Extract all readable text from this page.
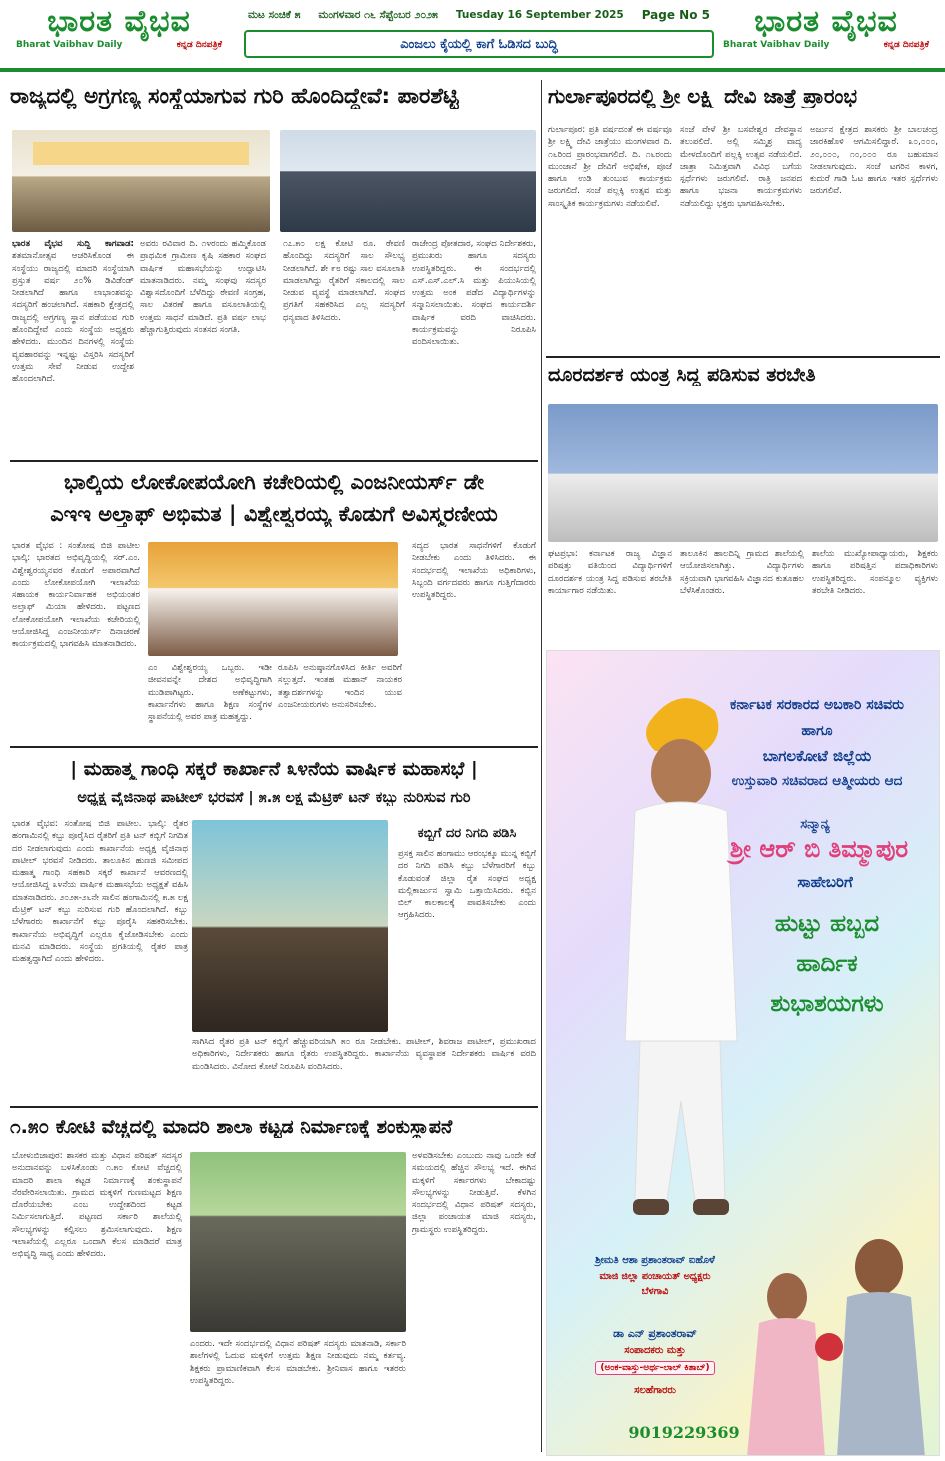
ಭಾರತ ವೈಭವ
Bharat Vaibhav Daily	ಕನ್ನಡ ದಿನಪತ್ರಿಕೆ
ಮಟ ಸಂಚಿಕೆ ೫ ಮಂಗಳವಾರ ೧೬ ಸೆಪ್ಟೆಂಬರ ೨೦೨೫ Tuesday 16 September 2025 Page No 5
ಎಂಜಲು ಕೈಯಲ್ಲಿ ಕಾಗೆ ಓಡಿಸದ ಬುದ್ಧಿ
ಭಾರತ ವೈಭವ
Bharat Vaibhav Daily	ಕನ್ನಡ ದಿನಪತ್ರಿಕೆ
ರಾಜ್ಯದಲ್ಲಿ ಅಗ್ರಗಣ್ಯ ಸಂಸ್ಥೆಯಾಗುವ ಗುರಿ ಹೊಂದಿದ್ದೇವೆ: ಪಾರಶೆಟ್ಟಿ
ಭಾರತ ವೈಭವ ಸುದ್ದಿ ಕಾಗವಾಡ: ಶತಮಾನೋತ್ಸವ ಆಚರಿಸಿಕೊಂಡ ಈ ಸಂಸ್ಥೆಯು ರಾಜ್ಯದಲ್ಲಿ ಮಾದರಿ ಸಂಸ್ಥೆಯಾಗಿ ಪ್ರಸ್ತುತ ವರ್ಷ ೨೦% ಡಿವಿಡೆಂಡ್ ನೀಡಲಾಗಿದೆ ಹಾಗೂ ಲಾಭಾಂಶವನ್ನು ಸದಸ್ಯರಿಗೆ ಹಂಚಲಾಗಿದೆ. ಸಹಕಾರಿ ಕ್ಷೇತ್ರದಲ್ಲಿ ರಾಜ್ಯದಲ್ಲಿ ಅಗ್ರಗಣ್ಯ ಸ್ಥಾನ ಪಡೆಯುವ ಗುರಿ ಹೊಂದಿದ್ದೇವೆ ಎಂದು ಸಂಸ್ಥೆಯ ಅಧ್ಯಕ್ಷರು ಹೇಳಿದರು. ಮುಂದಿನ ದಿನಗಳಲ್ಲಿ ಸಂಸ್ಥೆಯ ವ್ಯವಹಾರವನ್ನು ಇನ್ನಷ್ಟು ವಿಸ್ತರಿಸಿ ಸದಸ್ಯರಿಗೆ ಉತ್ತಮ ಸೇವೆ ನೀಡುವ ಉದ್ದೇಶ ಹೊಂದಲಾಗಿದೆ.
ಅವರು ರವಿವಾರ ದಿ. ೧೪ರಂದು ಹಮ್ಮಿಕೊಂಡ ಪ್ರಾಥಮಿಕ ಗ್ರಾಮೀಣ ಕೃಷಿ ಸಹಕಾರ ಸಂಘದ ವಾರ್ಷಿಕ ಮಹಾಸಭೆಯನ್ನು ಉದ್ಘಾಟಿಸಿ ಮಾತನಾಡಿದರು. ನಮ್ಮ ಸಂಘವು ಸದಸ್ಯರ ವಿಶ್ವಾಸದೊಂದಿಗೆ ಬೆಳೆದಿದ್ದು ಠೇವಣಿ ಸಂಗ್ರಹ, ಸಾಲ ವಿತರಣೆ ಹಾಗೂ ವಸೂಲಾತಿಯಲ್ಲಿ ಉತ್ತಮ ಸಾಧನೆ ಮಾಡಿದೆ. ಪ್ರತಿ ವರ್ಷ ಲಾಭ ಹೆಚ್ಚಾಗುತ್ತಿರುವುದು ಸಂತಸದ ಸಂಗತಿ.
೧೭.೫೦ ಲಕ್ಷ ಕೋಟಿ ರೂ. ಠೇವಣಿ ಹೊಂದಿದ್ದು ಸದಸ್ಯರಿಗೆ ಸಾಲ ಸೌಲಭ್ಯ ನೀಡಲಾಗಿದೆ. ಶೇ ೯೮ ರಷ್ಟು ಸಾಲ ವಸೂಲಾತಿ ಮಾಡಲಾಗಿದ್ದು ರೈತರಿಗೆ ಸಕಾಲದಲ್ಲಿ ಸಾಲ ನೀಡುವ ವ್ಯವಸ್ಥೆ ಮಾಡಲಾಗಿದೆ. ಸಂಘದ ಪ್ರಗತಿಗೆ ಸಹಕರಿಸಿದ ಎಲ್ಲ ಸದಸ್ಯರಿಗೆ ಧನ್ಯವಾದ ತಿಳಿಸಿದರು.
ರಾಜೇಂದ್ರ ಪೋತದಾರ, ಸಂಘದ ನಿರ್ದೇಶಕರು, ಪ್ರಮುಖರು ಹಾಗೂ ಸದಸ್ಯರು ಉಪಸ್ಥಿತರಿದ್ದರು. ಈ ಸಂದರ್ಭದಲ್ಲಿ ಎಸ್.ಎಸ್.ಎಲ್.ಸಿ ಮತ್ತು ಪಿಯುಸಿಯಲ್ಲಿ ಉತ್ತಮ ಅಂಕ ಪಡೆದ ವಿದ್ಯಾರ್ಥಿಗಳನ್ನು ಸನ್ಮಾನಿಸಲಾಯಿತು. ಸಂಘದ ಕಾರ್ಯದರ್ಶಿ ವಾರ್ಷಿಕ ವರದಿ ವಾಚಿಸಿದರು. ಕಾರ್ಯಕ್ರಮವನ್ನು ನಿರೂಪಿಸಿ ವಂದಿಸಲಾಯಿತು.
ಭಾಲ್ಕಿಯ ಲೋಕೋಪಯೋಗಿ ಕಚೇರಿಯಲ್ಲಿ ಎಂಜನೀಯರ್ಸ್ ಡೇ
ಎಇಇ ಅಲ್ತಾಫ್ ಅಭಿಮತ | ವಿಶ್ವೇಶ್ವರಯ್ಯ ಕೊಡುಗೆ ಅವಿಸ್ಮರಣೀಯ
ಭಾರತ ವೈಭವ : ಸಂತೋಷ ಬಿಜಿ ಪಾಟೀಲ ಭಾಲ್ಕಿ: ಭಾರತದ ಅಭಿವೃದ್ಧಿಯಲ್ಲಿ ಸರ್.ಎಂ. ವಿಶ್ವೇಶ್ವರಯ್ಯನವರ ಕೊಡುಗೆ ಅಪಾರವಾಗಿದೆ ಎಂದು ಲೋಕೋಪಯೋಗಿ ಇಲಾಖೆಯ ಸಹಾಯಕ ಕಾರ್ಯನಿರ್ವಾಹಕ ಅಭಿಯಂತರ ಅಲ್ತಾಫ್ ಮಿಯಾ ಹೇಳಿದರು. ಪಟ್ಟಣದ ಲೋಕೋಪಯೋಗಿ ಇಲಾಖೆಯ ಕಚೇರಿಯಲ್ಲಿ ಆಯೋಜಿಸಿದ್ದ ಎಂಜನೀಯರ್ಸ್ ದಿನಾಚರಣೆ ಕಾರ್ಯಕ್ರಮದಲ್ಲಿ ಭಾಗವಹಿಸಿ ಮಾತನಾಡಿದರು.
ಸದ್ಯದ ಭಾರತ ಸಾಧನೆಗಳಿಗೆ ಕೊಡುಗೆ ನೀಡಬೇಕು ಎಂದು ತಿಳಿಸಿದರು. ಈ ಸಂದರ್ಭದಲ್ಲಿ ಇಲಾಖೆಯ ಅಧಿಕಾರಿಗಳು, ಸಿಬ್ಬಂದಿ ವರ್ಗದವರು ಹಾಗೂ ಗುತ್ತಿಗೆದಾರರು ಉಪಸ್ಥಿತರಿದ್ದರು.
ಎಂ ವಿಶ್ವೇಶ್ವರಯ್ಯ ಒಬ್ಬರು. ಇಡೀ ಜೀವನವನ್ನೇ ದೇಶದ ಅಭಿವೃದ್ಧಿಗಾಗಿ ಮುಡಿಪಾಗಿಟ್ಟರು. ಅಣೆಕಟ್ಟುಗಳು, ಕಾರ್ಖಾನೆಗಳು ಹಾಗೂ ಶಿಕ್ಷಣ ಸಂಸ್ಥೆಗಳ ಸ್ಥಾಪನೆಯಲ್ಲಿ ಅವರ ಪಾತ್ರ ಮಹತ್ವದ್ದು.
ರೂಪಿಸಿ ಅನುಷ್ಠಾನಗೊಳಿಸಿದ ಕೀರ್ತಿ ಅವರಿಗೆ ಸಲ್ಲುತ್ತದೆ. ಇಂತಹ ಮಹಾನ್ ನಾಯಕರ ತತ್ವಾದರ್ಶಗಳನ್ನು ಇಂದಿನ ಯುವ ಎಂಜನೀಯರುಗಳು ಅನುಸರಿಸಬೇಕು.
| ಮಹಾತ್ಮ ಗಾಂಧಿ ಸಕ್ಕರೆ ಕಾರ್ಖಾನೆ ೩೪ನೆಯ ವಾರ್ಷಿಕ ಮಹಾಸಭೆ |
ಅಧ್ಯಕ್ಷ ವೈಜಿನಾಥ ಪಾಟೀಲ್ ಭರವಸೆ | ೫.೫ ಲಕ್ಷ ಮೆಟ್ರಿಕ್ ಟನ್ ಕಬ್ಬು ನುರಿಸುವ ಗುರಿ
ಭಾರತ ವೈಭವ: ಸಂತೋಷ ಬಿಜಿ ಪಾಟೀಲ. ಭಾಲ್ಕಿ: ರೈತರ ಹಂಗಾಮಿನಲ್ಲಿ ಕಬ್ಬು ಪೂರೈಸಿದ ರೈತರಿಗೆ ಪ್ರತಿ ಟನ್ ಕಬ್ಬಿಗೆ ನಿಗದಿತ ದರ ನೀಡಲಾಗುವುದು ಎಂದು ಕಾರ್ಖಾನೆಯ ಅಧ್ಯಕ್ಷ ವೈಜಿನಾಥ ಪಾಟೀಲ್ ಭರವಸೆ ನೀಡಿದರು. ತಾಲೂಕಿನ ಹುಣಜಿ ಸಮೀಪದ ಮಹಾತ್ಮ ಗಾಂಧಿ ಸಹಕಾರಿ ಸಕ್ಕರೆ ಕಾರ್ಖಾನೆ ಆವರಣದಲ್ಲಿ ಆಯೋಜಿಸಿದ್ದ ೩೪ನೆಯ ವಾರ್ಷಿಕ ಮಹಾಸಭೆಯ ಅಧ್ಯಕ್ಷತೆ ವಹಿಸಿ ಮಾತನಾಡಿದರು. ೨೦೨೫-೨೬ನೇ ಸಾಲಿನ ಹಂಗಾಮಿನಲ್ಲಿ ೫.೫ ಲಕ್ಷ ಮೆಟ್ರಿಕ್ ಟನ್ ಕಬ್ಬು ನುರಿಸುವ ಗುರಿ ಹೊಂದಲಾಗಿದೆ. ಕಬ್ಬು ಬೆಳೆಗಾರರು ಕಾರ್ಖಾನೆಗೆ ಕಬ್ಬು ಪೂರೈಸಿ ಸಹಕರಿಸಬೇಕು. ಕಾರ್ಖಾನೆಯ ಅಭಿವೃದ್ಧಿಗೆ ಎಲ್ಲರೂ ಕೈಜೋಡಿಸಬೇಕು ಎಂದು ಮನವಿ ಮಾಡಿದರು. ಸಂಸ್ಥೆಯ ಪ್ರಗತಿಯಲ್ಲಿ ರೈತರ ಪಾತ್ರ ಮಹತ್ವದ್ದಾಗಿದೆ ಎಂದು ಹೇಳಿದರು.
ಕಬ್ಬಿಗೆ ದರ ನಿಗದಿ ಪಡಿಸಿ
ಪ್ರಸಕ್ತ ಸಾಲಿನ ಹಂಗಾಮು ಆರಂಭಕ್ಕೂ ಮುನ್ನ ಕಬ್ಬಿಗೆ ದರ ನಿಗದಿ ಪಡಿಸಿ ಕಬ್ಬು ಬೆಳೆಗಾರರಿಗೆ ಕಬ್ಬು ಕೊಡುವಂತೆ ಜಿಲ್ಲಾ ರೈತ ಸಂಘದ ಅಧ್ಯಕ್ಷ ಮಲ್ಲಿಕಾರ್ಜುನ ಸ್ವಾಮಿ ಒತ್ತಾಯಿಸಿದರು. ಕಬ್ಬಿನ ಬಿಲ್ ಕಾಲಕಾಲಕ್ಕೆ ಪಾವತಿಸಬೇಕು ಎಂದು ಆಗ್ರಹಿಸಿದರು.
ಸಾಗಿಸಿದ ರೈತರ ಪ್ರತಿ ಟನ್ ಕಬ್ಬಿಗೆ ಹೆಚ್ಚುವರಿಯಾಗಿ ೫೦ ರೂ ನೀಡಬೇಕು. ಪಾಟೀಲ್, ಶಿವರಾಜ ಪಾಟೀಲ್, ಪ್ರಮುಖರಾದ ಅಧಿಕಾರಿಗಳು, ನಿರ್ದೇಶಕರು ಹಾಗೂ ರೈತರು ಉಪಸ್ಥಿತರಿದ್ದರು. ಕಾರ್ಖಾನೆಯ ವ್ಯವಸ್ಥಾಪಕ ನಿರ್ದೇಶಕರು ವಾರ್ಷಿಕ ವರದಿ ಮಂಡಿಸಿದರು. ವಿನೋದ ಕೋಟೆ ನಿರೂಪಿಸಿ ವಂದಿಸಿದರು.
೧.೫೦ ಕೋಟಿ ವೆಚ್ಚದಲ್ಲಿ ಮಾದರಿ ಶಾಲಾ ಕಟ್ಟಡ ನಿರ್ಮಾಣಕ್ಕೆ ಶಂಕುಸ್ಥಾಪನೆ
ಬೋಳುಬಿಜಾಪುರ: ಶಾಸಕರ ಮತ್ತು ವಿಧಾನ ಪರಿಷತ್ ಸದಸ್ಯರ ಅನುದಾನವನ್ನು ಬಳಸಿಕೊಂಡು ೧.೫೦ ಕೋಟಿ ವೆಚ್ಚದಲ್ಲಿ ಮಾದರಿ ಶಾಲಾ ಕಟ್ಟಡ ನಿರ್ಮಾಣಕ್ಕೆ ಶಂಕುಸ್ಥಾಪನೆ ನೆರವೇರಿಸಲಾಯಿತು. ಗ್ರಾಮದ ಮಕ್ಕಳಿಗೆ ಗುಣಮಟ್ಟದ ಶಿಕ್ಷಣ ದೊರೆಯಬೇಕು ಎಂಬ ಉದ್ದೇಶದಿಂದ ಕಟ್ಟಡ ನಿರ್ಮಿಸಲಾಗುತ್ತಿದೆ. ಪಟ್ಟಣದ ಸರ್ಕಾರಿ ಶಾಲೆಯಲ್ಲಿ ಸೌಲಭ್ಯಗಳನ್ನು ಕಲ್ಪಿಸಲು ಶ್ರಮಿಸಲಾಗುವುದು. ಶಿಕ್ಷಣ ಇಲಾಖೆಯಲ್ಲಿ ಎಲ್ಲರೂ ಒಂದಾಗಿ ಕೆಲಸ ಮಾಡಿದರೆ ಮಾತ್ರ ಅಭಿವೃದ್ಧಿ ಸಾಧ್ಯ ಎಂದು ಹೇಳಿದರು.
ಅಳವಡಿಸಬೇಕು ಎಂಬುದು ನಾವು ಒಂದೇ ಕಡೆ ಸಮಯದಲ್ಲಿ ಹೆಚ್ಚಿನ ಸೌಲಭ್ಯ ಇದೆ. ಈಗಿನ ಮಕ್ಕಳಿಗೆ ಸರ್ಕಾರಗಳು ಬೇಕಾದಷ್ಟು ಸೌಲಭ್ಯಗಳನ್ನು ನೀಡುತ್ತಿವೆ. ಕೆಳಗಿನ ಸಂದರ್ಭದಲ್ಲಿ ವಿಧಾನ ಪರಿಷತ್ ಸದಸ್ಯರು, ಜಿಲ್ಲಾ ಪಂಚಾಯತ ಮಾಜಿ ಸದಸ್ಯರು, ಗ್ರಾಮಸ್ಥರು ಉಪಸ್ಥಿತರಿದ್ದರು.
ಎಂದರು. ಇದೇ ಸಂದರ್ಭದಲ್ಲಿ ವಿಧಾನ ಪರಿಷತ್ ಸದಸ್ಯರು ಮಾತನಾಡಿ, ಸರ್ಕಾರಿ ಶಾಲೆಗಳಲ್ಲಿ ಓದುವ ಮಕ್ಕಳಿಗೆ ಉತ್ತಮ ಶಿಕ್ಷಣ ನೀಡುವುದು ನಮ್ಮ ಕರ್ತವ್ಯ. ಶಿಕ್ಷಕರು ಪ್ರಾಮಾಣಿಕವಾಗಿ ಕೆಲಸ ಮಾಡಬೇಕು. ಶ್ರೀನಿವಾಸ ಹಾಗೂ ಇತರರು ಉಪಸ್ಥಿತರಿದ್ದರು.
ಗುರ್ಲಾಪೂರದಲ್ಲಿ ಶ್ರೀ ಲಕ್ಷ್ಮಿ ದೇವಿ ಜಾತ್ರೆ ಪ್ರಾರಂಭ
ಗುರ್ಲಾಪೂರ: ಪ್ರತಿ ವರ್ಷದಂತೆ ಈ ವರ್ಷವೂ ಶ್ರೀ ಲಕ್ಷ್ಮಿ ದೇವಿ ಜಾತ್ರೆಯು ಮಂಗಳವಾರ ದಿ. ೧೬ರಿಂದ ಪ್ರಾರಂಭವಾಗಲಿದೆ. ದಿ. ೧೬ರಂದು ಮುಂಜಾನೆ ಶ್ರೀ ದೇವಿಗೆ ಅಭಿಷೇಕ, ಪೂಜೆ ಹಾಗೂ ಉಡಿ ತುಂಬುವ ಕಾರ್ಯಕ್ರಮ ಜರುಗಲಿದೆ. ಸಂಜೆ ಪಲ್ಲಕ್ಕಿ ಉತ್ಸವ ಮತ್ತು ಸಾಂಸ್ಕೃತಿಕ ಕಾರ್ಯಕ್ರಮಗಳು ನಡೆಯಲಿವೆ.
ಸಂಜೆ ವೇಳೆ ಶ್ರೀ ಬಸವೇಶ್ವರ ದೇವಸ್ಥಾನ ತಲುಪಲಿದೆ. ಅಲ್ಲಿ ಸಮ್ಮಿಶ್ರ ವಾದ್ಯ ಮೇಳದೊಂದಿಗೆ ಪಲ್ಲಕ್ಕಿ ಉತ್ಸವ ನಡೆಯಲಿದೆ. ಜಾತ್ರಾ ನಿಮಿತ್ತವಾಗಿ ವಿವಿಧ ಬಗೆಯ ಸ್ಪರ್ಧೆಗಳು ಜರುಗಲಿವೆ. ರಾತ್ರಿ ಜನಪದ ಹಾಗೂ ಭಜನಾ ಕಾರ್ಯಕ್ರಮಗಳು ನಡೆಯಲಿದ್ದು ಭಕ್ತರು ಭಾಗವಹಿಸಬೇಕು.
ಅರ್ಜುನ ಕ್ಷೇತ್ರದ ಶಾಸಕರು ಶ್ರೀ ಬಾಲಚಂದ್ರ ಜಾರಕಿಹೊಳಿ ಆಗಮಿಸಲಿದ್ದಾರೆ. ೩೦,೦೦೦, ೨೦,೦೦೦, ೧೦,೦೦೦ ರೂ ಬಹುಮಾನ ನೀಡಲಾಗುವುದು. ಸಂಜೆ ಟಗರಿನ ಕಾಳಗ, ಕುದುರೆ ಗಾಡಿ ಓಟ ಹಾಗೂ ಇತರ ಸ್ಪರ್ಧೆಗಳು ಜರುಗಲಿವೆ.
ದೂರದರ್ಶಕ ಯಂತ್ರ ಸಿದ್ದ ಪಡಿಸುವ ತರಬೇತಿ
ಘಟಪ್ರಭಾ: ಕರ್ನಾಟಕ ರಾಜ್ಯ ವಿಜ್ಞಾನ ಪರಿಷತ್ತು ವತಿಯಿಂದ ವಿದ್ಯಾರ್ಥಿಗಳಿಗೆ ದೂರದರ್ಶಕ ಯಂತ್ರ ಸಿದ್ದ ಪಡಿಸುವ ತರಬೇತಿ ಕಾರ್ಯಾಗಾರ ನಡೆಯಿತು.
ತಾಲೂಕಿನ ಹಾಲದಿನ್ನಿ ಗ್ರಾಮದ ಶಾಲೆಯಲ್ಲಿ ಆಯೋಜಿಸಲಾಗಿತ್ತು. ವಿದ್ಯಾರ್ಥಿಗಳು ಸಕ್ರಿಯವಾಗಿ ಭಾಗವಹಿಸಿ ವಿಜ್ಞಾನದ ಕುತೂಹಲ ಬೆಳೆಸಿಕೊಂಡರು.
ಶಾಲೆಯ ಮುಖ್ಯೋಪಾಧ್ಯಾಯರು, ಶಿಕ್ಷಕರು ಹಾಗೂ ಪರಿಷತ್ತಿನ ಪದಾಧಿಕಾರಿಗಳು ಉಪಸ್ಥಿತರಿದ್ದರು. ಸಂಪನ್ಮೂಲ ವ್ಯಕ್ತಿಗಳು ತರಬೇತಿ ನೀಡಿದರು.
ಕರ್ನಾಟಕ ಸರಕಾರದ ಅಬಕಾರಿ ಸಚಿವರು
ಹಾಗೂ
ಬಾಗಲಕೋಟೆ ಜಿಲ್ಲೆಯ
ಉಸ್ತುವಾರಿ ಸಚಿವರಾದ ಆತ್ಮೀಯರು ಆದ
ಸನ್ಮಾನ್ಯ
ಶ್ರೀ ಆರ್ ಬಿ ತಿಮ್ಮಾಪುರ
ಸಾಹೇಬರಿಗೆ
ಹುಟ್ಟು ಹಬ್ಬದ
ಹಾರ್ದಿಕ
ಶುಭಾಶಯಗಳು
ಶ್ರೀಮತಿ ಆಶಾ ಪ್ರಶಾಂತರಾವ್ ಐಹೊಳೆ
ಮಾಜಿ ಜಿಲ್ಲಾ ಪಂಚಾಯತ್ ಅಧ್ಯಕ್ಷರು
ಬೆಳಗಾವಿ
ಡಾ ಎನ್ ಪ್ರಶಾಂತರಾವ್
ಸಂಪಾದಕರು ಮತ್ತು
(ಅಂಕ-ವಾಸ್ತು-ಅರ್ಥ-ಲಾಲ್ ಕಿತಾಬ್)
ಸಲಹೆಗಾರರು
9019229369
